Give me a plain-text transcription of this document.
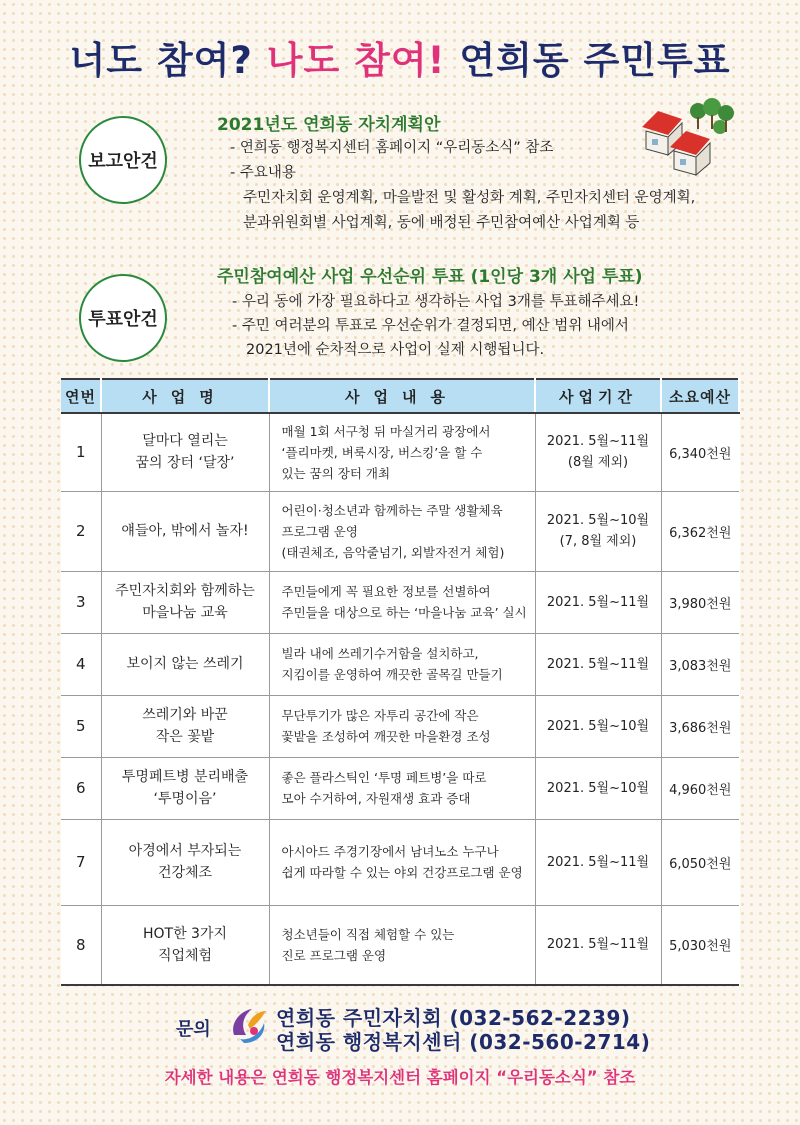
너도 참여? 나도 참여! 연희동 주민투표
보고안건
2021년도 연희동 자치계획안
- 연희동 행정복지센터 홈페이지 “우리동소식” 참조
- 주요내용
주민자치회 운영계획, 마을발전 및 활성화 계획, 주민자치센터 운영계획,
분과위원회별 사업계획, 동에 배정된 주민참여예산 사업계획 등
투표안건
주민참여예산 사업 우선순위 투표 (1인당 3개 사업 투표)
- 우리 동에 가장 필요하다고 생각하는 사업 3개를 투표해주세요!
- 주민 여러분의 투표로 우선순위가 결정되면, 예산 범위 내에서
2021년에 순차적으로 사업이 실제 시행됩니다.
연번	사업명	사업내용	사업기간	소요예산
1	달마다 열리는
꿈의 장터 ‘달장’	매월 1회 서구청 뒤 마실거리 광장에서
‘플리마켓, 벼룩시장, 버스킹’을 할 수
있는 꿈의 장터 개최	2021. 5월~11월
(8월 제외)	6,340천원
2	얘들아, 밖에서 놀자!	어린이·청소년과 함께하는 주말 생활체육
프로그램 운영
(태권체조, 음악줄넘기, 외발자전거 체험)	2021. 5월~10월
(7, 8월 제외)	6,362천원
3	주민자치회와 함께하는
마을나눔 교육	주민들에게 꼭 필요한 정보를 선별하여
주민들을 대상으로 하는 ‘마을나눔 교육’ 실시	2021. 5월~11월	3,980천원
4	보이지 않는 쓰레기	빌라 내에 쓰레기수거함을 설치하고,
지킴이를 운영하여 깨끗한 골목길 만들기	2021. 5월~11월	3,083천원
5	쓰레기와 바꾼
작은 꽃밭	무단투기가 많은 자투리 공간에 작은
꽃밭을 조성하여 깨끗한 마을환경 조성	2021. 5월~10월	3,686천원
6	투명페트병 분리배출
‘투명이음’	좋은 플라스틱인 ‘투명 페트병’을 따로
모아 수거하여, 자원재생 효과 증대	2021. 5월~10월	4,960천원
7	아경에서 부자되는
건강체조	아시아드 주경기장에서 남녀노소 누구나
쉽게 따라할 수 있는 야외 건강프로그램 운영	2021. 5월~11월	6,050천원
8	HOT한 3가지
직업체험	청소년들이 직접 체험할 수 있는
진로 프로그램 운영	2021. 5월~11월	5,030천원
문의	연희동 주민자치회 (032-562-2239)
연희동 행정복지센터 (032-560-2714)
자세한 내용은 연희동 행정복지센터 홈페이지 “우리동소식” 참조
